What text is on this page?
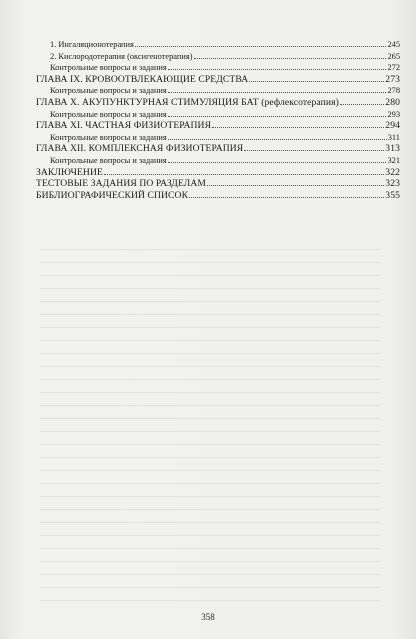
1. Ингаляционотерапия	245
2. Кислородотерапия (оксигенотерапия)	265
Контрольные вопросы и задания	272
ГЛАВА IX. КРОВООТВЛЕКАЮЩИЕ СРЕДСТВА	273
Контрольные вопросы и задания	278
ГЛАВА X. АКУПУНКТУРНАЯ СТИМУЛЯЦИЯ БАТ (рефлексотерапия)	280
Контрольные вопросы и задания	293
ГЛАВА XI. ЧАСТНАЯ ФИЗИОТЕРАПИЯ	294
Контрольные вопросы и задания	311
ГЛАВА XII. КОМПЛЕКСНАЯ ФИЗИОТЕРАПИЯ	313
Контрольные вопросы и задания	321
ЗАКЛЮЧЕНИЕ	322
ТЕСТОВЫЕ ЗАДАНИЯ ПО РАЗДЕЛАМ	323
БИБЛИОГРАФИЧЕСКИЙ СПИСОК	355
358
